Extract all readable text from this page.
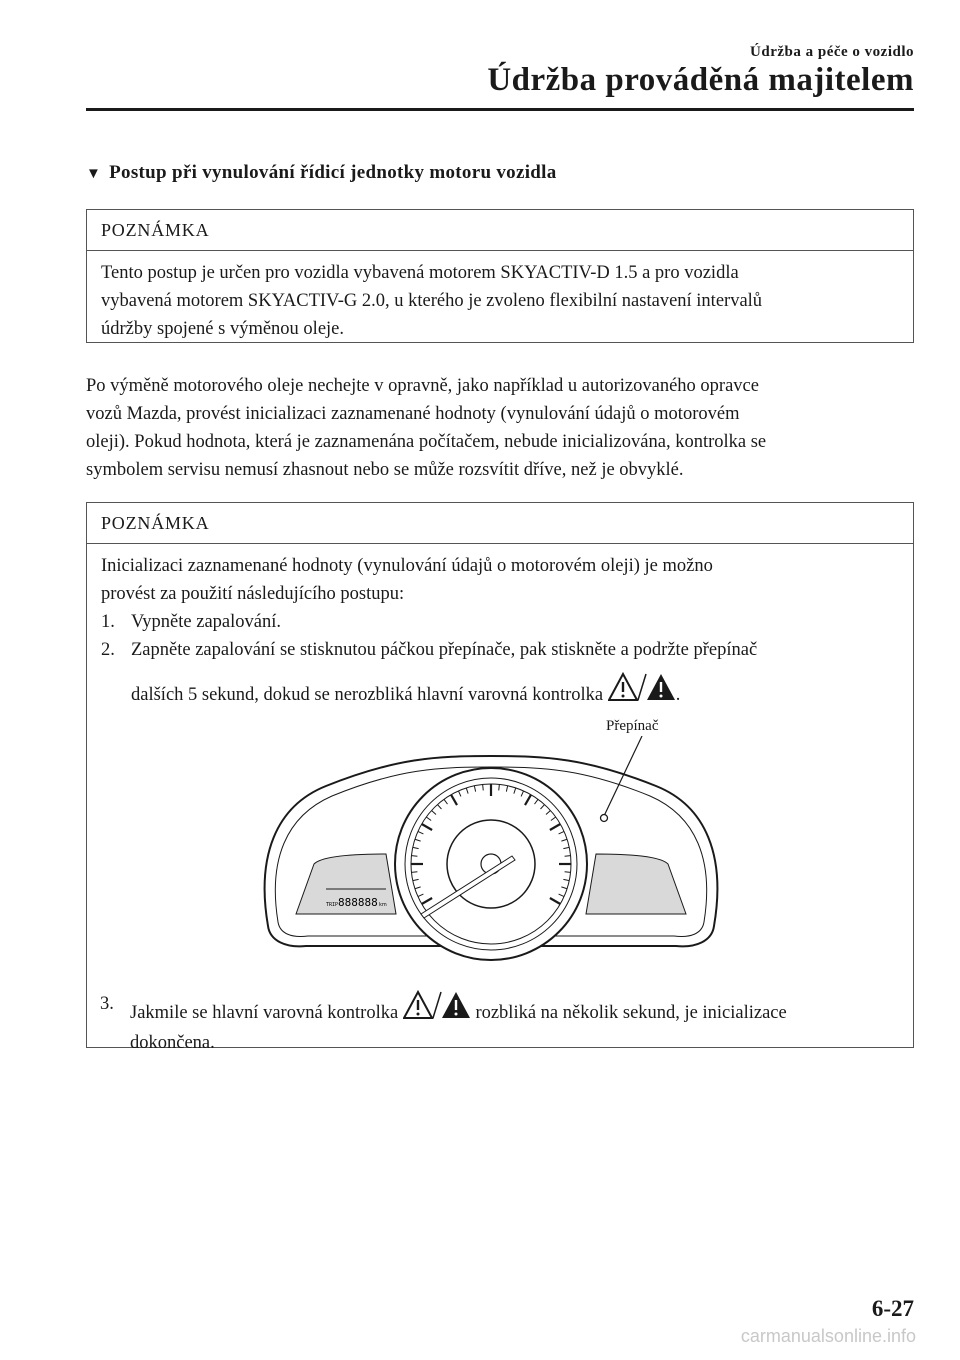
Údržba a péče o vozidlo
Údržba prováděná majitelem
▼ Postup při vynulování řídicí jednotky motoru vozidla
POZNÁMKA
Tento postup je určen pro vozidla vybavená motorem SKYACTIV-D 1.5 a pro vozidla
vybavená motorem SKYACTIV-G 2.0, u kterého je zvoleno flexibilní nastavení intervalů
údržby spojené s výměnou oleje.
Po výměně motorového oleje nechejte v opravně, jako například u autorizovaného opravce
vozů Mazda, provést inicializaci zaznamenané hodnoty (vynulování údajů o motorovém
oleji). Pokud hodnota, která je zaznamenána počítačem, nebude inicializována, kontrolka se
symbolem servisu nemusí zhasnout nebo se může rozsvítit dříve, než je obvyklé.
POZNÁMKA
Inicializaci zaznamenané hodnoty (vynulování údajů o motorovém oleji) je možno
provést za použití následujícího postupu:
1. Vypněte zapalování.
2. Zapněte zapalování se stisknutou páčkou přepínače, pak stiskněte a podržte přepínač
dalších 5 sekund, dokud se nerozbliká hlavní varovná kontrolka	.
Přepínač
TRIP 888888 km
3. Jakmile se hlavní varovná kontrolka	rozbliká na několik sekund, je inicializace
dokončena.
6-27
carmanualsonline.info
